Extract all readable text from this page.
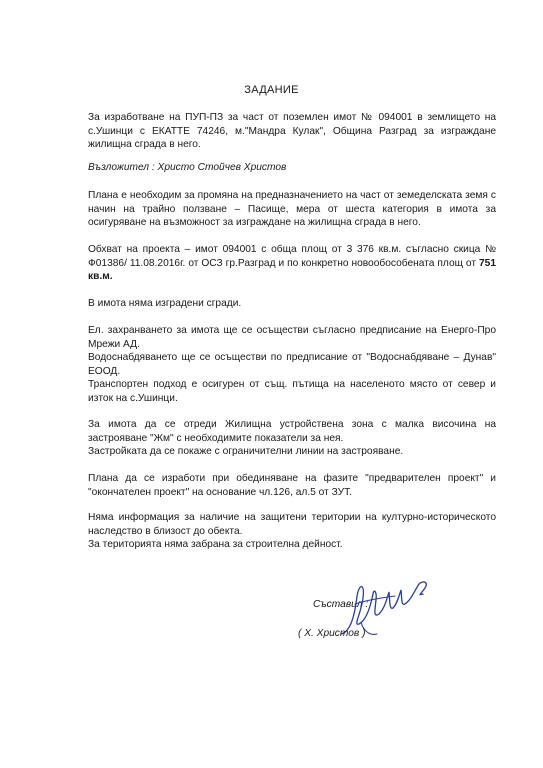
ЗАДАНИЕ

За изработване на ПУП-ПЗ за част от поземлен имот № 094001 в землището на с.Ушинци с ЕКАТТЕ 74246, м."Мандра Кулак", Община Разград за изграждане жилищна сграда в него.

Възложител : Христо Стойчев Христов

Плана е необходим за промяна на предназначението на част от земеделската земя с начин на трайно ползване – Пасище, мера от шеста категория в имота за осигуряване на възможност за изграждане на жилищна сграда в него.

Обхват на проекта – имот 094001 с обща площ от 3 376 кв.м. съгласно скица № Ф01386/ 11.08.2016г. от ОСЗ гр.Разград и по конкретно новообособената площ от 751 кв.м.

В имота няма изградени сгради.

Ел. захранването за имота ще се осъществи съгласно предписание на Енерго-Про Мрежи АД.

Водоснабдяването ще се осъществи по предписание от "Водоснабдяване – Дунав" ЕООД.

Транспортен подход е осигурен от същ. пътища на населеното място от север и изток на с.Ушинци.

За имота да се отреди Жилищна устройствена зона с малка височина на застрояване "Жм" с необходимите показатели за нея.

Застройката да се покаже с ограничителни линии на застрояване.

Плана да се изработи при обединяване на фазите "предварителен проект" и "окончателен проект" на основание чл.126, ал.5 от ЗУТ.

Няма информация за наличие на защитени територии на културно-историческото наследство в близост до обекта.

За територията няма забрана за строителна дейност.

Съставил :
( Х. Христов )
